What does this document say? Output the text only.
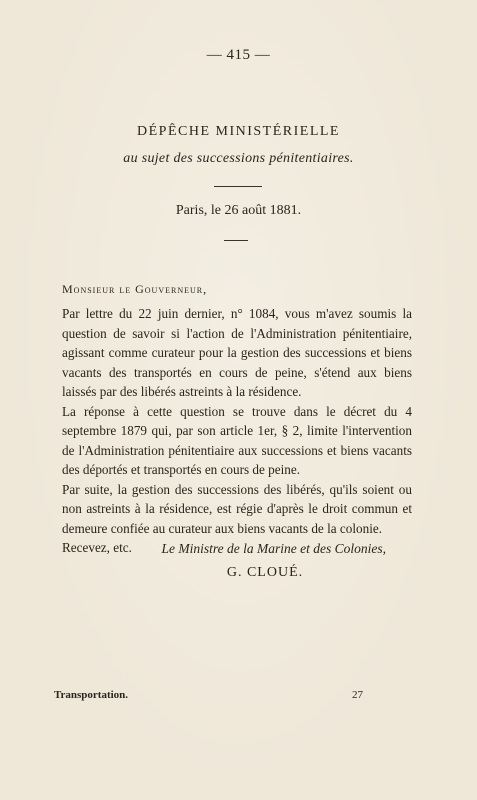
— 415 —
DÉPÊCHE MINISTÉRIELLE
au sujet des successions pénitentiaires.
Paris, le 26 août 1881.
Monsieur le Gouverneur,

Par lettre du 22 juin dernier, n° 1084, vous m'avez soumis la question de savoir si l'action de l'Administration pénitentiaire, agissant comme curateur pour la gestion des successions et biens vacants des transportés en cours de peine, s'étend aux biens laissés par des libérés astreints à la résidence.

La réponse à cette question se trouve dans le décret du 4 septembre 1879 qui, par son article 1er, § 2, limite l'intervention de l'Administration pénitentiaire aux successions et biens vacants des déportés et transportés en cours de peine.

Par suite, la gestion des successions des libérés, qu'ils soient ou non astreints à la résidence, est régie d'après le droit commun et demeure confiée au curateur aux biens vacants de la colonie.

Recevez, etc.	Le Ministre de la Marine et des Colonies,
G. CLOUÉ.
Transportation.	27
